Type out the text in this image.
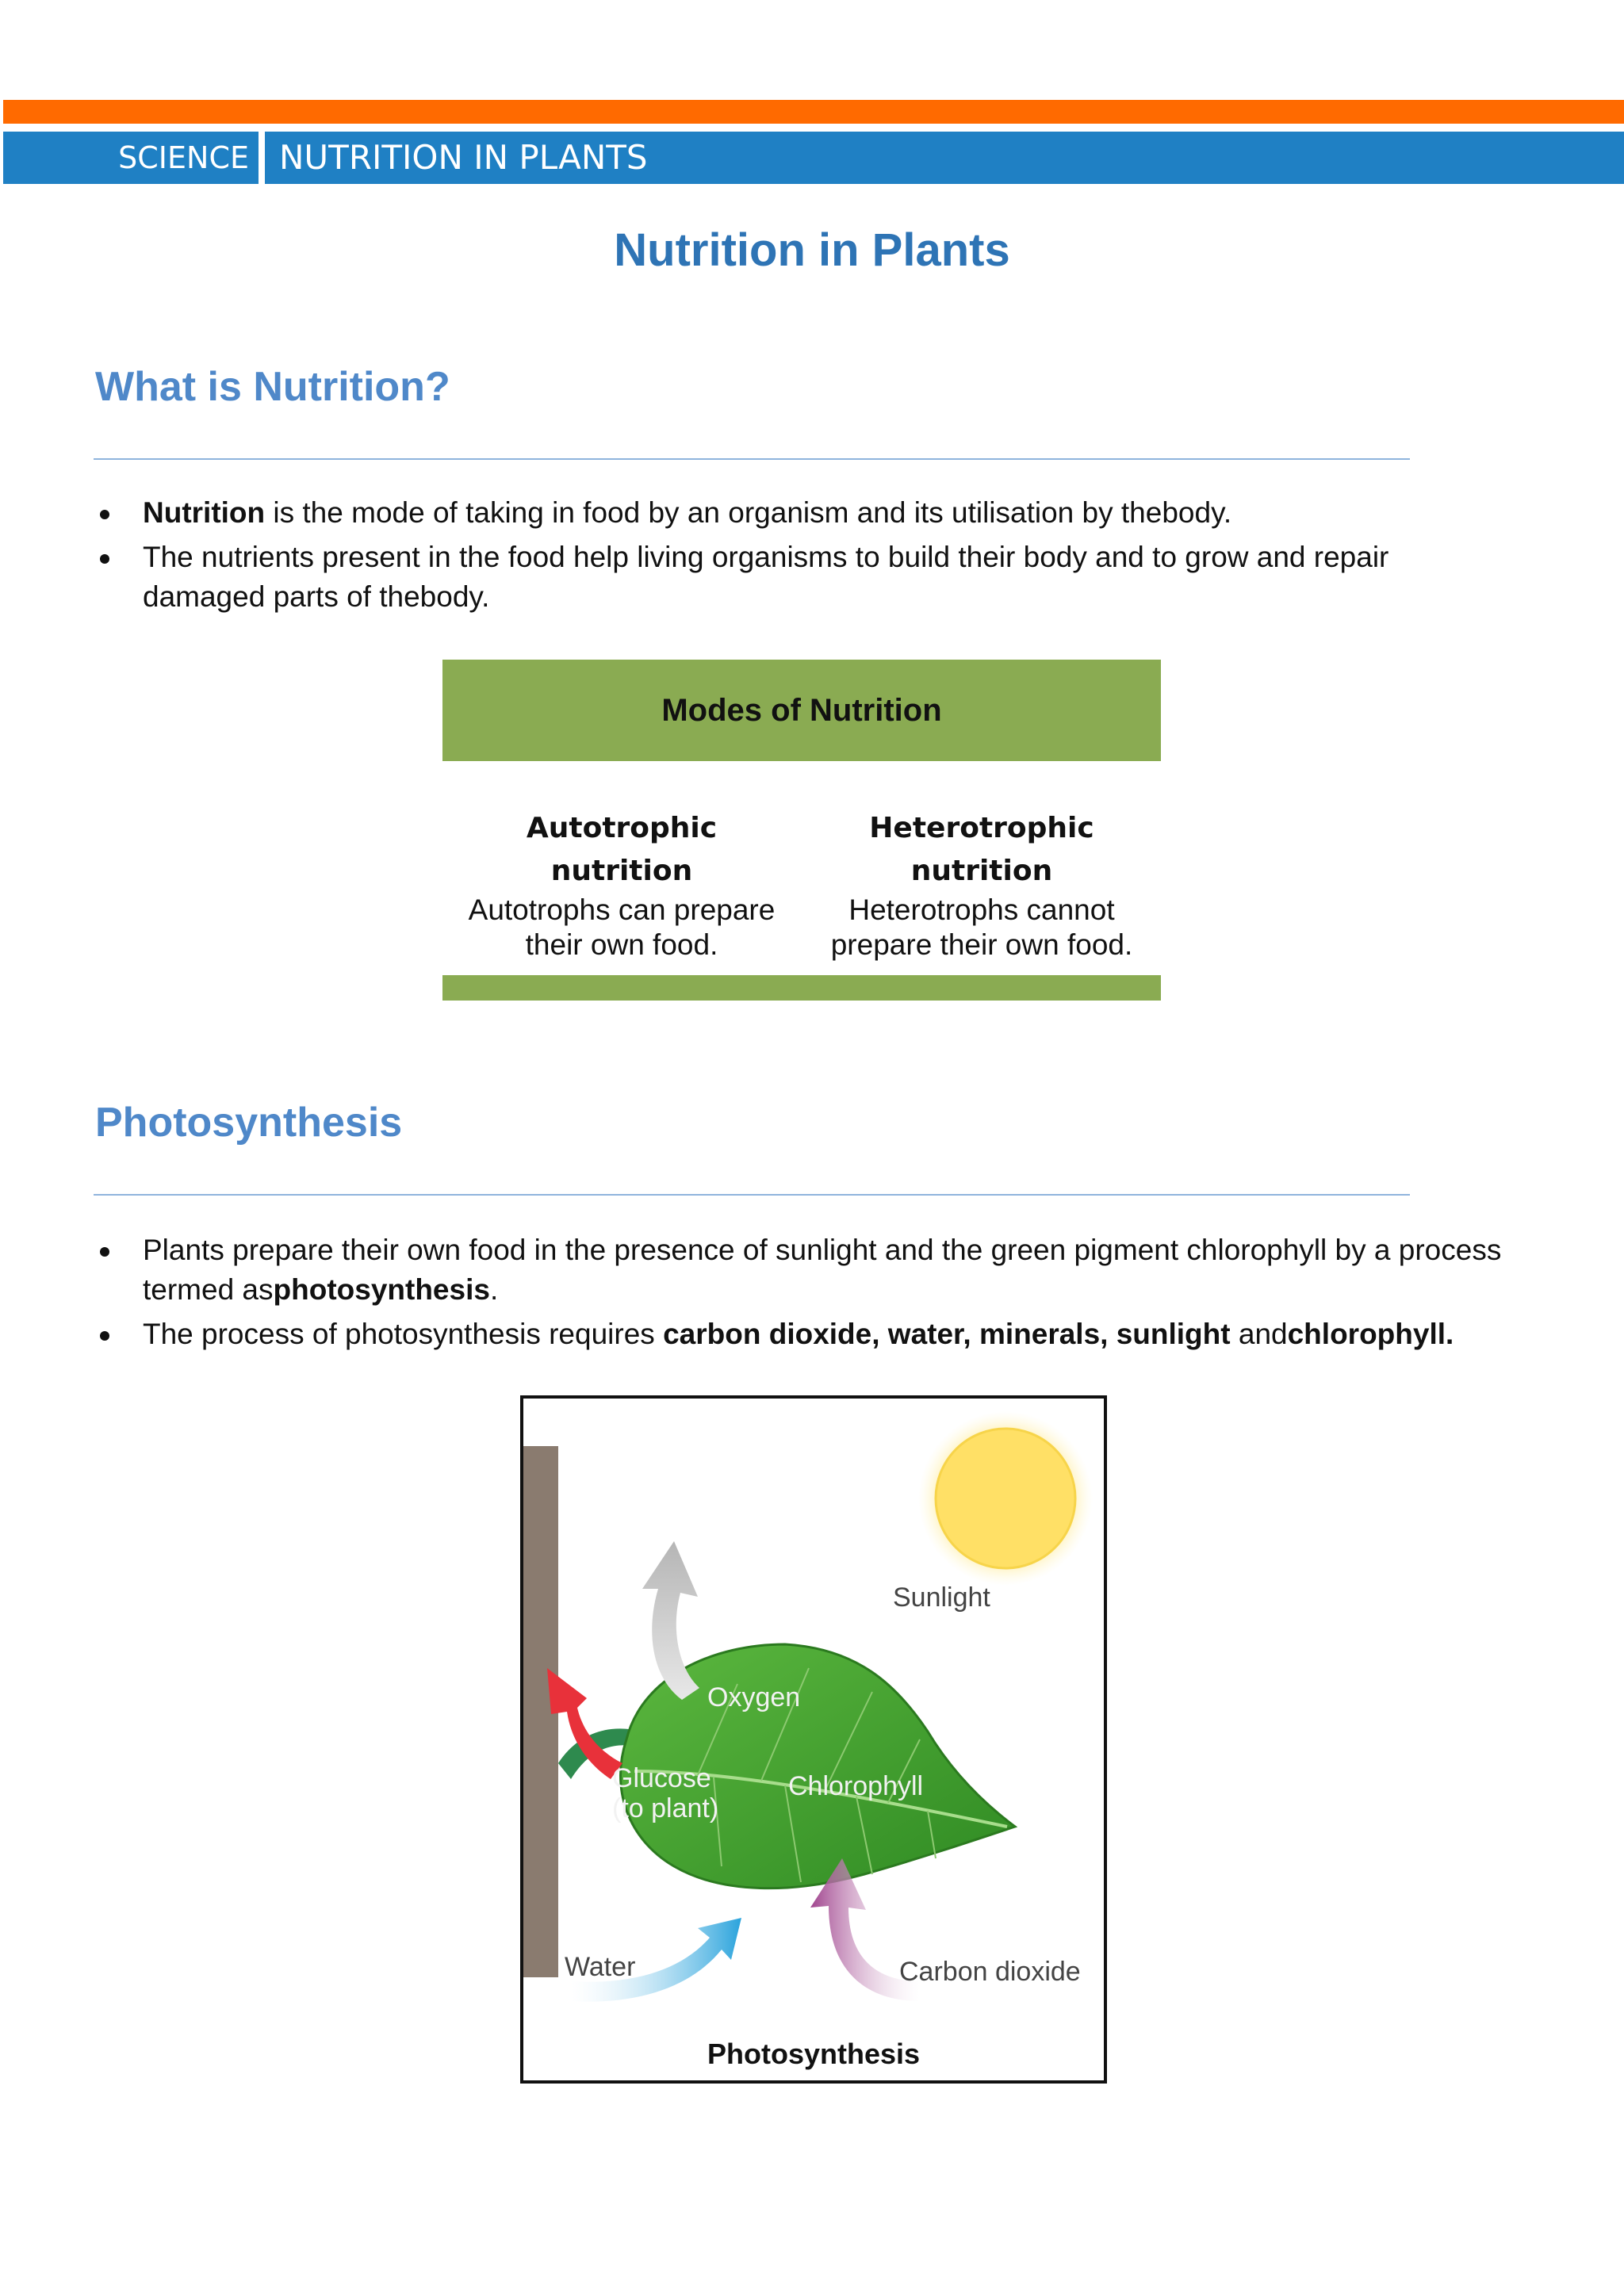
SCIENCE NUTRITION IN PLANTS
Nutrition in Plants
What is Nutrition?
Nutrition is the mode of taking in food by an organism and its utilisation by thebody.
The nutrients present in the food help living organisms to build their body and to grow and repair damaged parts of thebody.
Modes of Nutrition
Autotrophic nutrition
Autotrophs can prepare their own food.
Heterotrophic nutrition
Heterotrophs cannot prepare their own food.
Photosynthesis
Plants prepare their own food in the presence of sunlight and the green pigment chlorophyll by a process termed asphotosynthesis.
The process of photosynthesis requires carbon dioxide, water, minerals, sunlight andchlorophyll.
Sunlight
Oxygen
Glucose
(to plant)
Chlorophyll
Water	Carbon dioxide
Photosynthesis
